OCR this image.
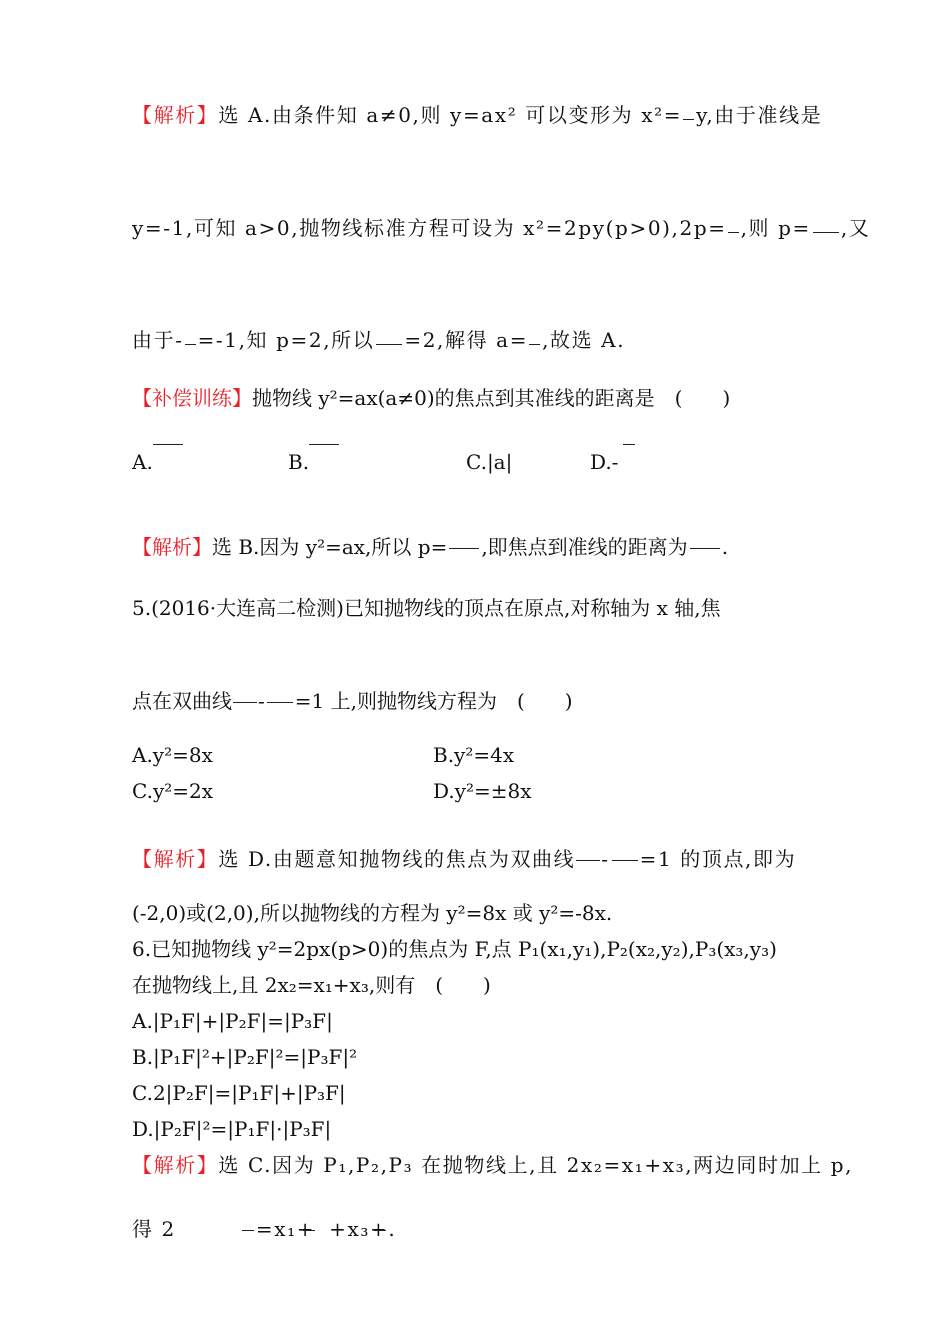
【解析】选 A.由条件知 a≠0,则 y=ax² 可以变形为 x²= y,由于准线是
y=-1,可知 a>0,抛物线标准方程可设为 x²=2py(p>0),2p= ,则 p= ,又
由于- =-1,知 p=2,所以 =2,解得 a= ,故选 A.
【补偿训练】抛物线 y²=ax(a≠0)的焦点到其准线的距离是　(　　)
A.	B.	C.|a|	D.-
【解析】选 B.因为 y²=ax,所以 p= ,即焦点到准线的距离为 .
5.(2016·大连高二检测)已知抛物线的顶点在原点,对称轴为 x 轴,焦
点在双曲线 - =1 上,则抛物线方程为　(　　)
A.y²=8x	B.y²=4x
C.y²=2x	D.y²=±8x
【解析】选 D.由题意知抛物线的焦点为双曲线 - =1 的顶点,即为
(-2,0)或(2,0),所以抛物线的方程为 y²=8x 或 y²=-8x.
6.已知抛物线 y²=2px(p>0)的焦点为 F,点 P₁(x₁,y₁),P₂(x₂,y₂),P₃(x₃,y₃)
在抛物线上,且 2x₂=x₁+x₃,则有　(　　)
A.|P₁F|+|P₂F|=|P₃F|
B.|P₁F|²+|P₂F|²=|P₃F|²
C.2|P₂F|=|P₁F|+|P₃F|
D.|P₂F|²=|P₁F|·|P₃F|
【解析】选 C.因为 P₁,P₂,P₃ 在抛物线上,且 2x₂=x₁+x₃,两边同时加上 p,
得 2	=x₁+ +x₃+
.
